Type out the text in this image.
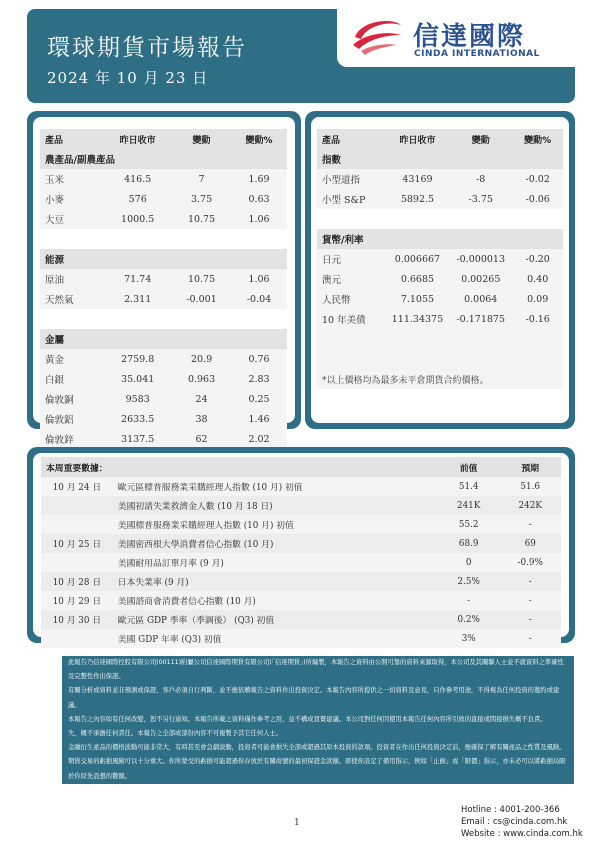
環球期貨市場報告
2024 年 10 月 23 日
信達國際
CINDA INTERNATIONAL
產品	昨日收市	變動	變動%
農產品/副農產品			
玉米	416.5	7	1.69
小麥	576	3.75	0.63
大豆	1000.5	10.75	1.06

能源			
原油	71.74	10.75	1.06
天然氣	2.311	-0.001	-0.04

金屬			
黃金	2759.8	20.9	0.76
白銀	35.041	0.963	2.83
倫敦銅	9583	24	0.25
倫敦鋁	2633.5	38	1.46
倫敦鋅	3137.5	62	2.02
產品	昨日收市	變動	變動%
指數			
小型道指	43169	-8	-0.02
小型 S&P	5892.5	-3.75	-0.06

貨幣/利率			
日元	0.006667	-0.000013	-0.20
澳元	0.6685	0.00265	0.40
人民幣	7.1055	0.0064	0.09
10 年美債	111.34375	-0.171875	-0.16

*以上價格均為最多未平倉期貨合約價格。			
本周重要數據：		前值	預期
10 月 24 日	歐元區標普服務業采購經理人指數 (10 月) 初值	51.4	51.6
	美國初請失業救濟金人數 (10 月 18 日)	241K	242K
	美國標普服務業采購經理人指數 (10 月) 初值	55.2	-
10 月 25 日	美國密西根大學消費者信心指數 (10 月)	68.9	69
	美國耐用品訂單月率 (9 月)	0	-0.9%
10 月 28 日	日本失業率 (9 月)	2.5%	-
10 月 29 日	美國諮商會消費者信心指數 (10 月)	-	-
10 月 30 日	歐元區 GDP 季率（季調後） (Q3) 初值	0.2%	-
	美國 GDP 年率 (Q3) 初值	3%	-

此報告乃信達國際控股有限公司(00111)附屬公司信達國際期貨有限公司(「信達期貨」)所編製，本報告之資料由公開可靠的資料來源取得，本公司及其關聯人士並不就資料之準確性及完整性作出保證。

有關分析或資料並非預測或保證，客戶必須自行判斷，並不應依賴報告之資料作出投資決定。本報告內容所提供之一切資料及意見，只作參考用途，不得視為任何投資的邀約或建議。

本報告之內容如有任何改變，恕不另行通知。本報告所載之資料僅作參考之用，並不構成買賣建議。本公司對任何因使用本報告任何內容所引致的直接或間接損失概不負責。

失，概不承擔任何責任。本報告之全部或部份內容不可複製予其它任何人士。

金融衍生產品的價格波動可能非常大，有時甚至會急劇波動，投資者可能會損失全部或超過其原本投資的款項。投資者在作出任何投資決定前，應確保了解有關產品之性質及風險。

期貨交易的虧損風險可以十分重大。你所蒙受的虧損可能超過你存放於有關商號的最初保證金款額。即使你設定了備用指示，例如「止蝕」或「限價」指示，亦未必可以將虧損局限於你原先設想的數額。

你的未平倉合約可能會被平倉，你將要為你的戶口所出現的任何逆差負責。因此，你必須仔細考慮，鑑於自己的財務狀況及投資目標，這種買賣是否適合你。

1
Hotline : 4001-200-366
Email : cs@cinda.com.hk
Website : www.cinda.com.hk
